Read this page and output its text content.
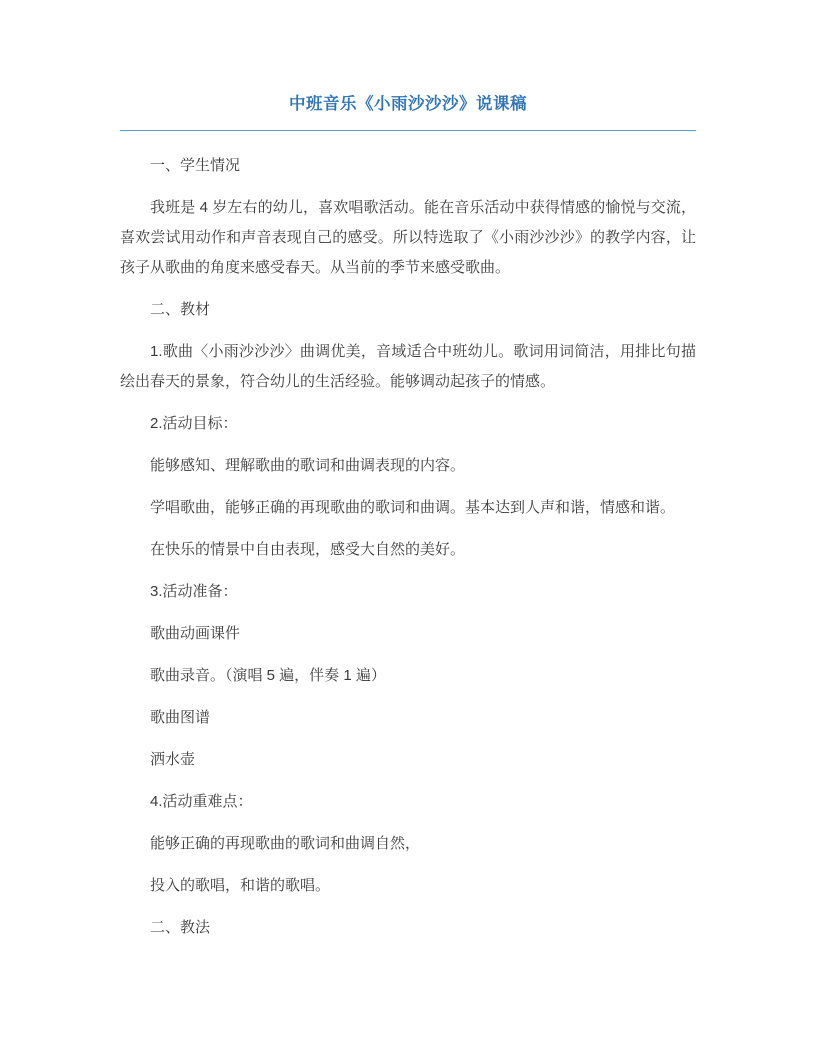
中班音乐《小雨沙沙沙》说课稿

一、学生情况

我班是 4 岁左右的幼儿，喜欢唱歌活动。能在音乐活动中获得情感的愉悦与交流，喜欢尝试用动作和声音表现自己的感受。所以特选取了《小雨沙沙沙》的教学内容，让孩子从歌曲的角度来感受春天。从当前的季节来感受歌曲。

二、教材

1.歌曲〈小雨沙沙沙〉曲调优美，音域适合中班幼儿。歌词用词简洁，用排比句描绘出春天的景象，符合幼儿的生活经验。能够调动起孩子的情感。

2.活动目标：

能够感知、理解歌曲的歌词和曲调表现的内容。

学唱歌曲，能够正确的再现歌曲的歌词和曲调。基本达到人声和谐，情感和谐。

在快乐的情景中自由表现，感受大自然的美好。

3.活动准备：

歌曲动画课件

歌曲录音。（演唱 5 遍，伴奏 1 遍）

歌曲图谱

洒水壶

4.活动重难点：

能够正确的再现歌曲的歌词和曲调自然，

投入的歌唱，和谐的歌唱。

二、教法
